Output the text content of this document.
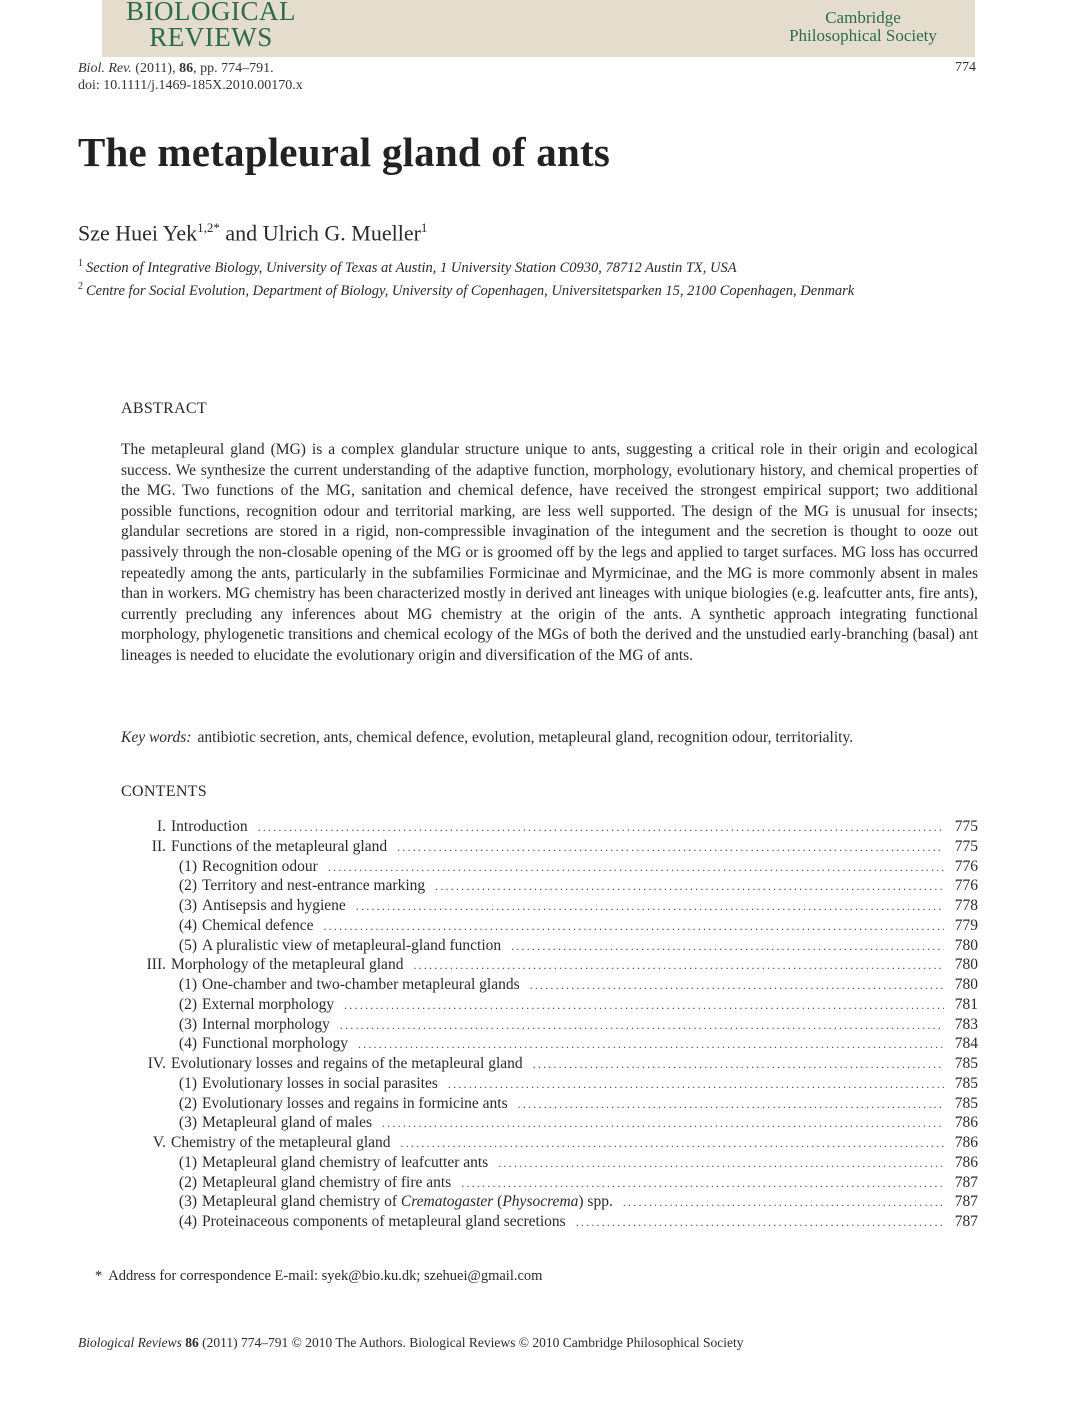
BIOLOGICAL
REVIEWS
Cambridge
Philosophical Society
Biol. Rev. (2011), 86, pp. 774–791.
doi: 10.1111/j.1469-185X.2010.00170.x
774
The metapleural gland of ants
Sze Huei Yek$^{1,2*}$ and Ulrich G. Mueller$^1$
$^1$ Section of Integrative Biology, University of Texas at Austin, 1 University Station C0930, 78712 Austin TX, USA
$^2$ Centre for Social Evolution, Department of Biology, University of Copenhagen, Universitetsparken 15, 2100 Copenhagen, Denmark
ABSTRACT
The metapleural gland (MG) is a complex glandular structure unique to ants, suggesting a critical role in their origin and ecological success. We synthesize the current understanding of the adaptive function, morphology, evolutionary history, and chemical properties of the MG. Two functions of the MG, sanitation and chemical defence, have received the strongest empirical support; two additional possible functions, recognition odour and territorial marking, are less well supported. The design of the MG is unusual for insects; glandular secretions are stored in a rigid, non-compressible invagination of the integument and the secretion is thought to ooze out passively through the non-closable opening of the MG or is groomed off by the legs and applied to target surfaces. MG loss has occurred repeatedly among the ants, particularly in the subfamilies Formicinae and Myrmicinae, and the MG is more commonly absent in males than in workers. MG chemistry has been characterized mostly in derived ant lineages with unique biologies (e.g. leafcutter ants, fire ants), currently precluding any inferences about MG chemistry at the origin of the ants. A synthetic approach integrating functional morphology, phylogenetic transitions and chemical ecology of the MGs of both the derived and the unstudied early-branching (basal) ant lineages is needed to elucidate the evolutionary origin and diversification of the MG of ants.
Key words: antibiotic secretion, ants, chemical defence, evolution, metapleural gland, recognition odour, territoriality.
CONTENTS
I. Introduction .....	775
II. Functions of the metapleural gland .....	775
(1) Recognition odour .....	776
(2) Territory and nest-entrance marking .....	776
(3) Antisepsis and hygiene .....	778
(4) Chemical defence .....	779
(5) A pluralistic view of metapleural-gland function .....	780
III. Morphology of the metapleural gland .....	780
(1) One-chamber and two-chamber metapleural glands .....	780
(2) External morphology .....	781
(3) Internal morphology .....	783
(4) Functional morphology .....	784
IV. Evolutionary losses and regains of the metapleural gland .....	785
(1) Evolutionary losses in social parasites .....	785
(2) Evolutionary losses and regains in formicine ants .....	785
(3) Metapleural gland of males .....	786
V. Chemistry of the metapleural gland .....	786
(1) Metapleural gland chemistry of leafcutter ants .....	786
(2) Metapleural gland chemistry of fire ants .....	787
(3) Metapleural gland chemistry of Crematogaster (Physocrema) spp. .....	787
(4) Proteinaceous components of metapleural gland secretions .....	787
* Address for correspondence E-mail: syek@bio.ku.dk; szehuei@gmail.com
Biological Reviews 86 (2011) 774–791 © 2010 The Authors. Biological Reviews © 2010 Cambridge Philosophical Society
